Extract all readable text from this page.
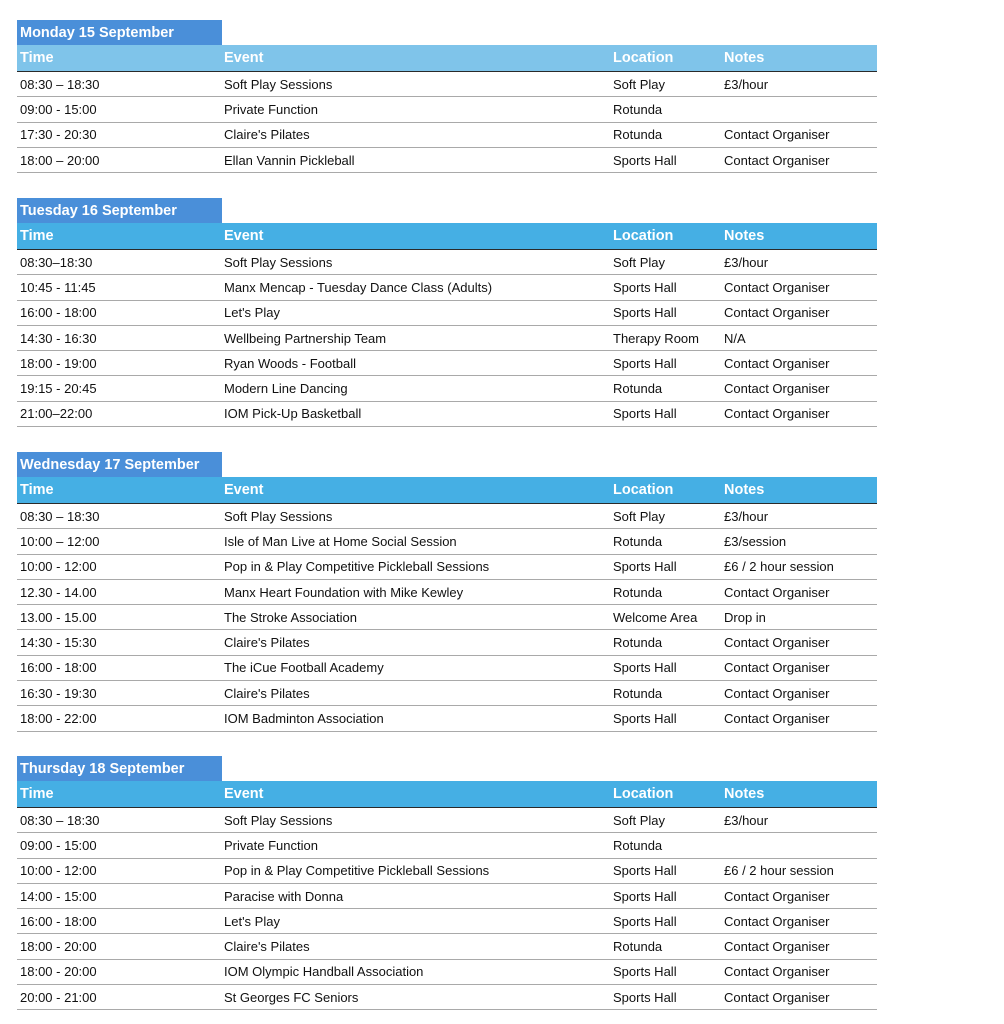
Monday 15 September
Time	Event	Location	Notes
08:30 – 18:30	Soft Play Sessions	Soft Play	£3/hour
09:00 - 15:00	Private Function	Rotunda	
17:30 - 20:30	Claire's Pilates	Rotunda	Contact Organiser
18:00 – 20:00	Ellan Vannin Pickleball	Sports Hall	Contact Organiser
Tuesday 16 September
Time	Event	Location	Notes
08:30–18:30	Soft Play Sessions	Soft Play	£3/hour
10:45 - 11:45	Manx Mencap - Tuesday Dance Class (Adults)	Sports Hall	Contact Organiser
16:00 - 18:00	Let's Play	Sports Hall	Contact Organiser
14:30 - 16:30	Wellbeing Partnership Team	Therapy Room	N/A
18:00 - 19:00	Ryan Woods - Football	Sports Hall	Contact Organiser
19:15 - 20:45	Modern Line Dancing	Rotunda	Contact Organiser
21:00–22:00	IOM Pick-Up Basketball	Sports Hall	Contact Organiser
Wednesday 17 September
Time	Event	Location	Notes
08:30 – 18:30	Soft Play Sessions	Soft Play	£3/hour
10:00 – 12:00	Isle of Man Live at Home Social Session	Rotunda	£3/session
10:00 - 12:00	Pop in & Play Competitive Pickleball Sessions	Sports Hall	£6 / 2 hour session
12.30 - 14.00	Manx Heart Foundation with Mike Kewley	Rotunda	Contact Organiser
13.00 - 15.00	The Stroke Association	Welcome Area	Drop in
14:30 - 15:30	Claire's Pilates	Rotunda	Contact Organiser
16:00 - 18:00	The iCue Football Academy	Sports Hall	Contact Organiser
16:30 - 19:30	Claire's Pilates	Rotunda	Contact Organiser
18:00 - 22:00	IOM Badminton Association	Sports Hall	Contact Organiser
Thursday 18 September
Time	Event	Location	Notes
08:30 – 18:30	Soft Play Sessions	Soft Play	£3/hour
09:00 - 15:00	Private Function	Rotunda	
10:00 - 12:00	Pop in & Play Competitive Pickleball Sessions	Sports Hall	£6 / 2 hour session
14:00 - 15:00	Paracise with Donna	Sports Hall	Contact Organiser
16:00 - 18:00	Let's Play	Sports Hall	Contact Organiser
18:00 - 20:00	Claire's Pilates	Rotunda	Contact Organiser
18:00 - 20:00	IOM Olympic Handball Association	Sports Hall	Contact Organiser
20:00 - 21:00	St Georges FC Seniors	Sports Hall	Contact Organiser
